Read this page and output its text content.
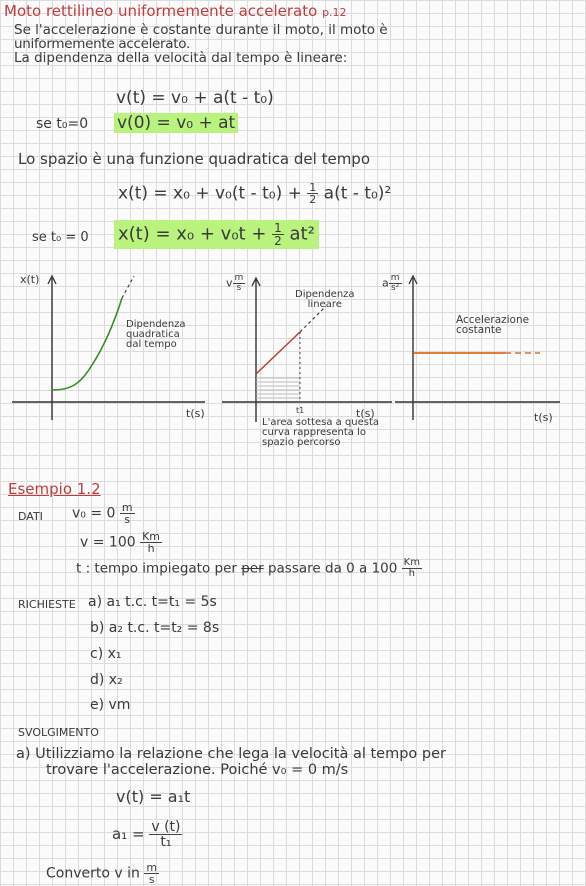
Moto rettilineo uniformemente accelerato p.12
Se l'accelerazione è costante durante il moto, il moto è
uniformemente accelerato.
La dipendenza della velocità dal tempo è lineare:
v(t) = v₀ + a(t - t₀)
se t₀=0 v(0) = v₀ + at
Lo spazio è una funzione quadratica del tempo
$x(t) = x_0 + v_0(t - t_0) + \frac{1}{2} a(t - t_0)^2$
se t₀ = 0 $x(t) = x_0 + v_0t + \frac{1}{2} at^2$
x(t)
t(s)
Dipendenza
quadratica
dal tempo
v $\frac{m}{s}$
Dipendenza
lineare
t1	t(s)
L'area sottesa a questa
curva rappresenta lo
spazio percorso
a $\frac{m}{\text{s²}}$
Accelerazione
costante
t(s)
Esempio 1.2
DATI $v_0 = 0 \frac{m}{s}$
$v = 100 \frac{Km}{h}$
t : tempo impiegato per per passare da 0 a $100 \frac{Km}{h}$
RICHIESTE a) a₁ t.c. t=t₁ = 5s
b) a₂ t.c. t=t₂ = 8s
c) x₁
d) x₂
e) vm
SVOLGIMENTO
a) Utilizziamo la relazione che lega la velocità al tempo per
trovare l'accelerazione. Poiché v₀ = 0 m/s
v(t) = a₁t
$a_1 = \frac{v (t)}{\text{t₁}}$
Converto v in $\frac{m}{s}$
